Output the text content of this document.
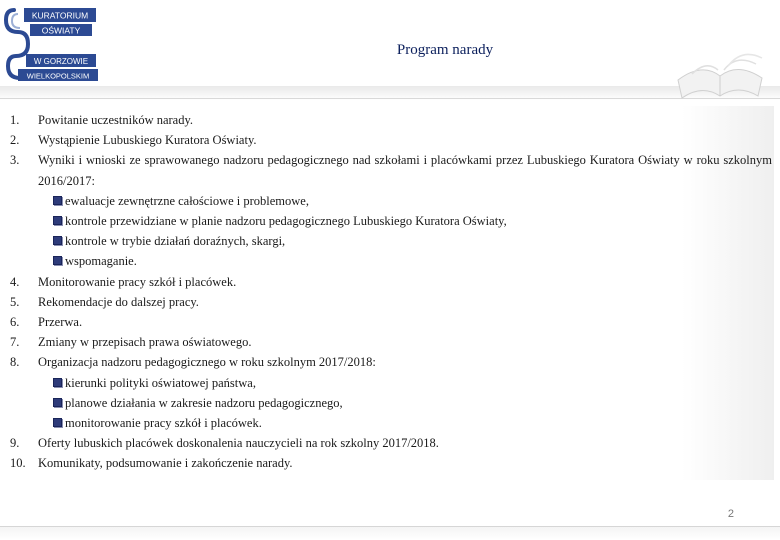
KURATORIUM
OŚWIATY
W GORZOWIE
WIELKOPOLSKIM
Program narady
1.	Powitanie uczestników narady.
2.	Wystąpienie Lubuskiego Kuratora Oświaty.
3.	Wyniki i wnioski ze sprawowanego nadzoru pedagogicznego nad szkołami i placówkami przez Lubuskiego Kuratora Oświaty w roku szkolnym 2016/2017:
ewaluacje zewnętrzne całościowe i problemowe,
kontrole przewidziane w planie nadzoru pedagogicznego Lubuskiego Kuratora Oświaty,
kontrole w trybie działań doraźnych, skargi,
wspomaganie.
4.	Monitorowanie pracy szkół i placówek.
5.	Rekomendacje do dalszej pracy.
6.	Przerwa.
7.	Zmiany w przepisach prawa oświatowego.
8.	Organizacja nadzoru pedagogicznego w roku szkolnym 2017/2018:
kierunki polityki oświatowej państwa,
planowe działania w zakresie nadzoru pedagogicznego,
monitorowanie pracy szkół i placówek.
9.	Oferty lubuskich placówek doskonalenia nauczycieli na rok szkolny 2017/2018.
10. Komunikaty, podsumowanie i zakończenie narady.
2
